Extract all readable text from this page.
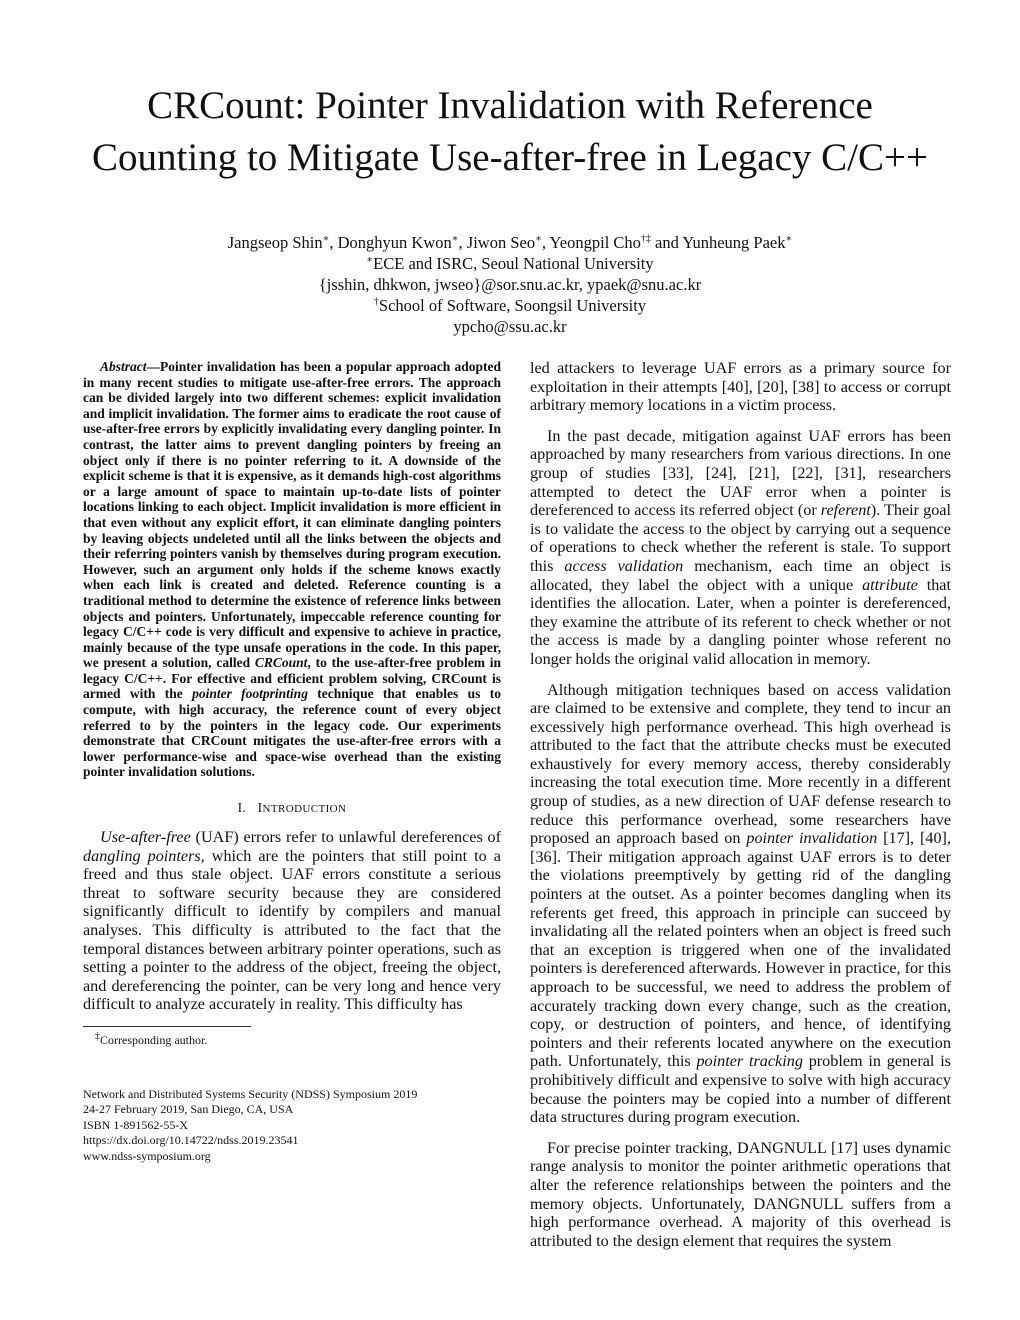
CRCount: Pointer Invalidation with Reference
Counting to Mitigate Use-after-free in Legacy C/C++
Jangseop Shin∗, Donghyun Kwon∗, Jiwon Seo∗, Yeongpil Cho†‡ and Yunheung Paek∗
∗ECE and ISRC, Seoul National University
{jsshin, dhkwon, jwseo}@sor.snu.ac.kr, ypaek@snu.ac.kr
†School of Software, Soongsil University
ypcho@ssu.ac.kr

Abstract—Pointer invalidation has been a popular approach adopted in many recent studies to mitigate use-after-free errors. The approach can be divided largely into two different schemes: explicit invalidation and implicit invalidation. The former aims to eradicate the root cause of use-after-free errors by explicitly invalidating every dangling pointer. In contrast, the latter aims to prevent dangling pointers by freeing an object only if there is no pointer referring to it. A downside of the explicit scheme is that it is expensive, as it demands high-cost algorithms or a large amount of space to maintain up-to-date lists of pointer locations linking to each object. Implicit invalidation is more efficient in that even without any explicit effort, it can eliminate dangling pointers by leaving objects undeleted until all the links between the objects and their referring pointers vanish by themselves during program execution. However, such an argument only holds if the scheme knows exactly when each link is created and deleted. Reference counting is a traditional method to determine the existence of reference links between objects and pointers. Unfortunately, impeccable reference counting for legacy C/C++ code is very difficult and expensive to achieve in practice, mainly because of the type unsafe operations in the code. In this paper, we present a solution, called CRCount, to the use-after-free problem in legacy C/C++. For effective and efficient problem solving, CRCount is armed with the pointer footprinting technique that enables us to compute, with high accuracy, the reference count of every object referred to by the pointers in the legacy code. Our experiments demonstrate that CRCount mitigates the use-after-free errors with a lower performance-wise and space-wise overhead than the existing pointer invalidation solutions.

I. INTRODUCTION

Use-after-free (UAF) errors refer to unlawful dereferences of dangling pointers, which are the pointers that still point to a freed and thus stale object. UAF errors constitute a serious threat to software security because they are considered significantly difficult to identify by compilers and manual analyses. This difficulty is attributed to the fact that the temporal distances between arbitrary pointer operations, such as setting a pointer to the address of the object, freeing the object, and dereferencing the pointer, can be very long and hence very difficult to analyze accurately in reality. This difficulty has

‡Corresponding author.
Network and Distributed Systems Security (NDSS) Symposium 2019
24-27 February 2019, San Diego, CA, USA
ISBN 1-891562-55-X
https://dx.doi.org/10.14722/ndss.2019.23541
www.ndss-symposium.org

led attackers to leverage UAF errors as a primary source for exploitation in their attempts [40], [20], [38] to access or corrupt arbitrary memory locations in a victim process.

In the past decade, mitigation against UAF errors has been approached by many researchers from various directions. In one group of studies [33], [24], [21], [22], [31], researchers attempted to detect the UAF error when a pointer is dereferenced to access its referred object (or referent). Their goal is to validate the access to the object by carrying out a sequence of operations to check whether the referent is stale. To support this access validation mechanism, each time an object is allocated, they label the object with a unique attribute that identifies the allocation. Later, when a pointer is dereferenced, they examine the attribute of its referent to check whether or not the access is made by a dangling pointer whose referent no longer holds the original valid allocation in memory.

Although mitigation techniques based on access validation are claimed to be extensive and complete, they tend to incur an excessively high performance overhead. This high overhead is attributed to the fact that the attribute checks must be executed exhaustively for every memory access, thereby considerably increasing the total execution time. More recently in a different group of studies, as a new direction of UAF defense research to reduce this performance overhead, some researchers have proposed an approach based on pointer invalidation [17], [40], [36]. Their mitigation approach against UAF errors is to deter the violations preemptively by getting rid of the dangling pointers at the outset. As a pointer becomes dangling when its referents get freed, this approach in principle can succeed by invalidating all the related pointers when an object is freed such that an exception is triggered when one of the invalidated pointers is dereferenced afterwards. However in practice, for this approach to be successful, we need to address the problem of accurately tracking down every change, such as the creation, copy, or destruction of pointers, and hence, of identifying pointers and their referents located anywhere on the execution path. Unfortunately, this pointer tracking problem in general is prohibitively difficult and expensive to solve with high accuracy because the pointers may be copied into a number of different data structures during program execution.

For precise pointer tracking, DANGNULL [17] uses dynamic range analysis to monitor the pointer arithmetic operations that alter the reference relationships between the pointers and the memory objects. Unfortunately, DANGNULL suffers from a high performance overhead. A majority of this overhead is attributed to the design element that requires the system
